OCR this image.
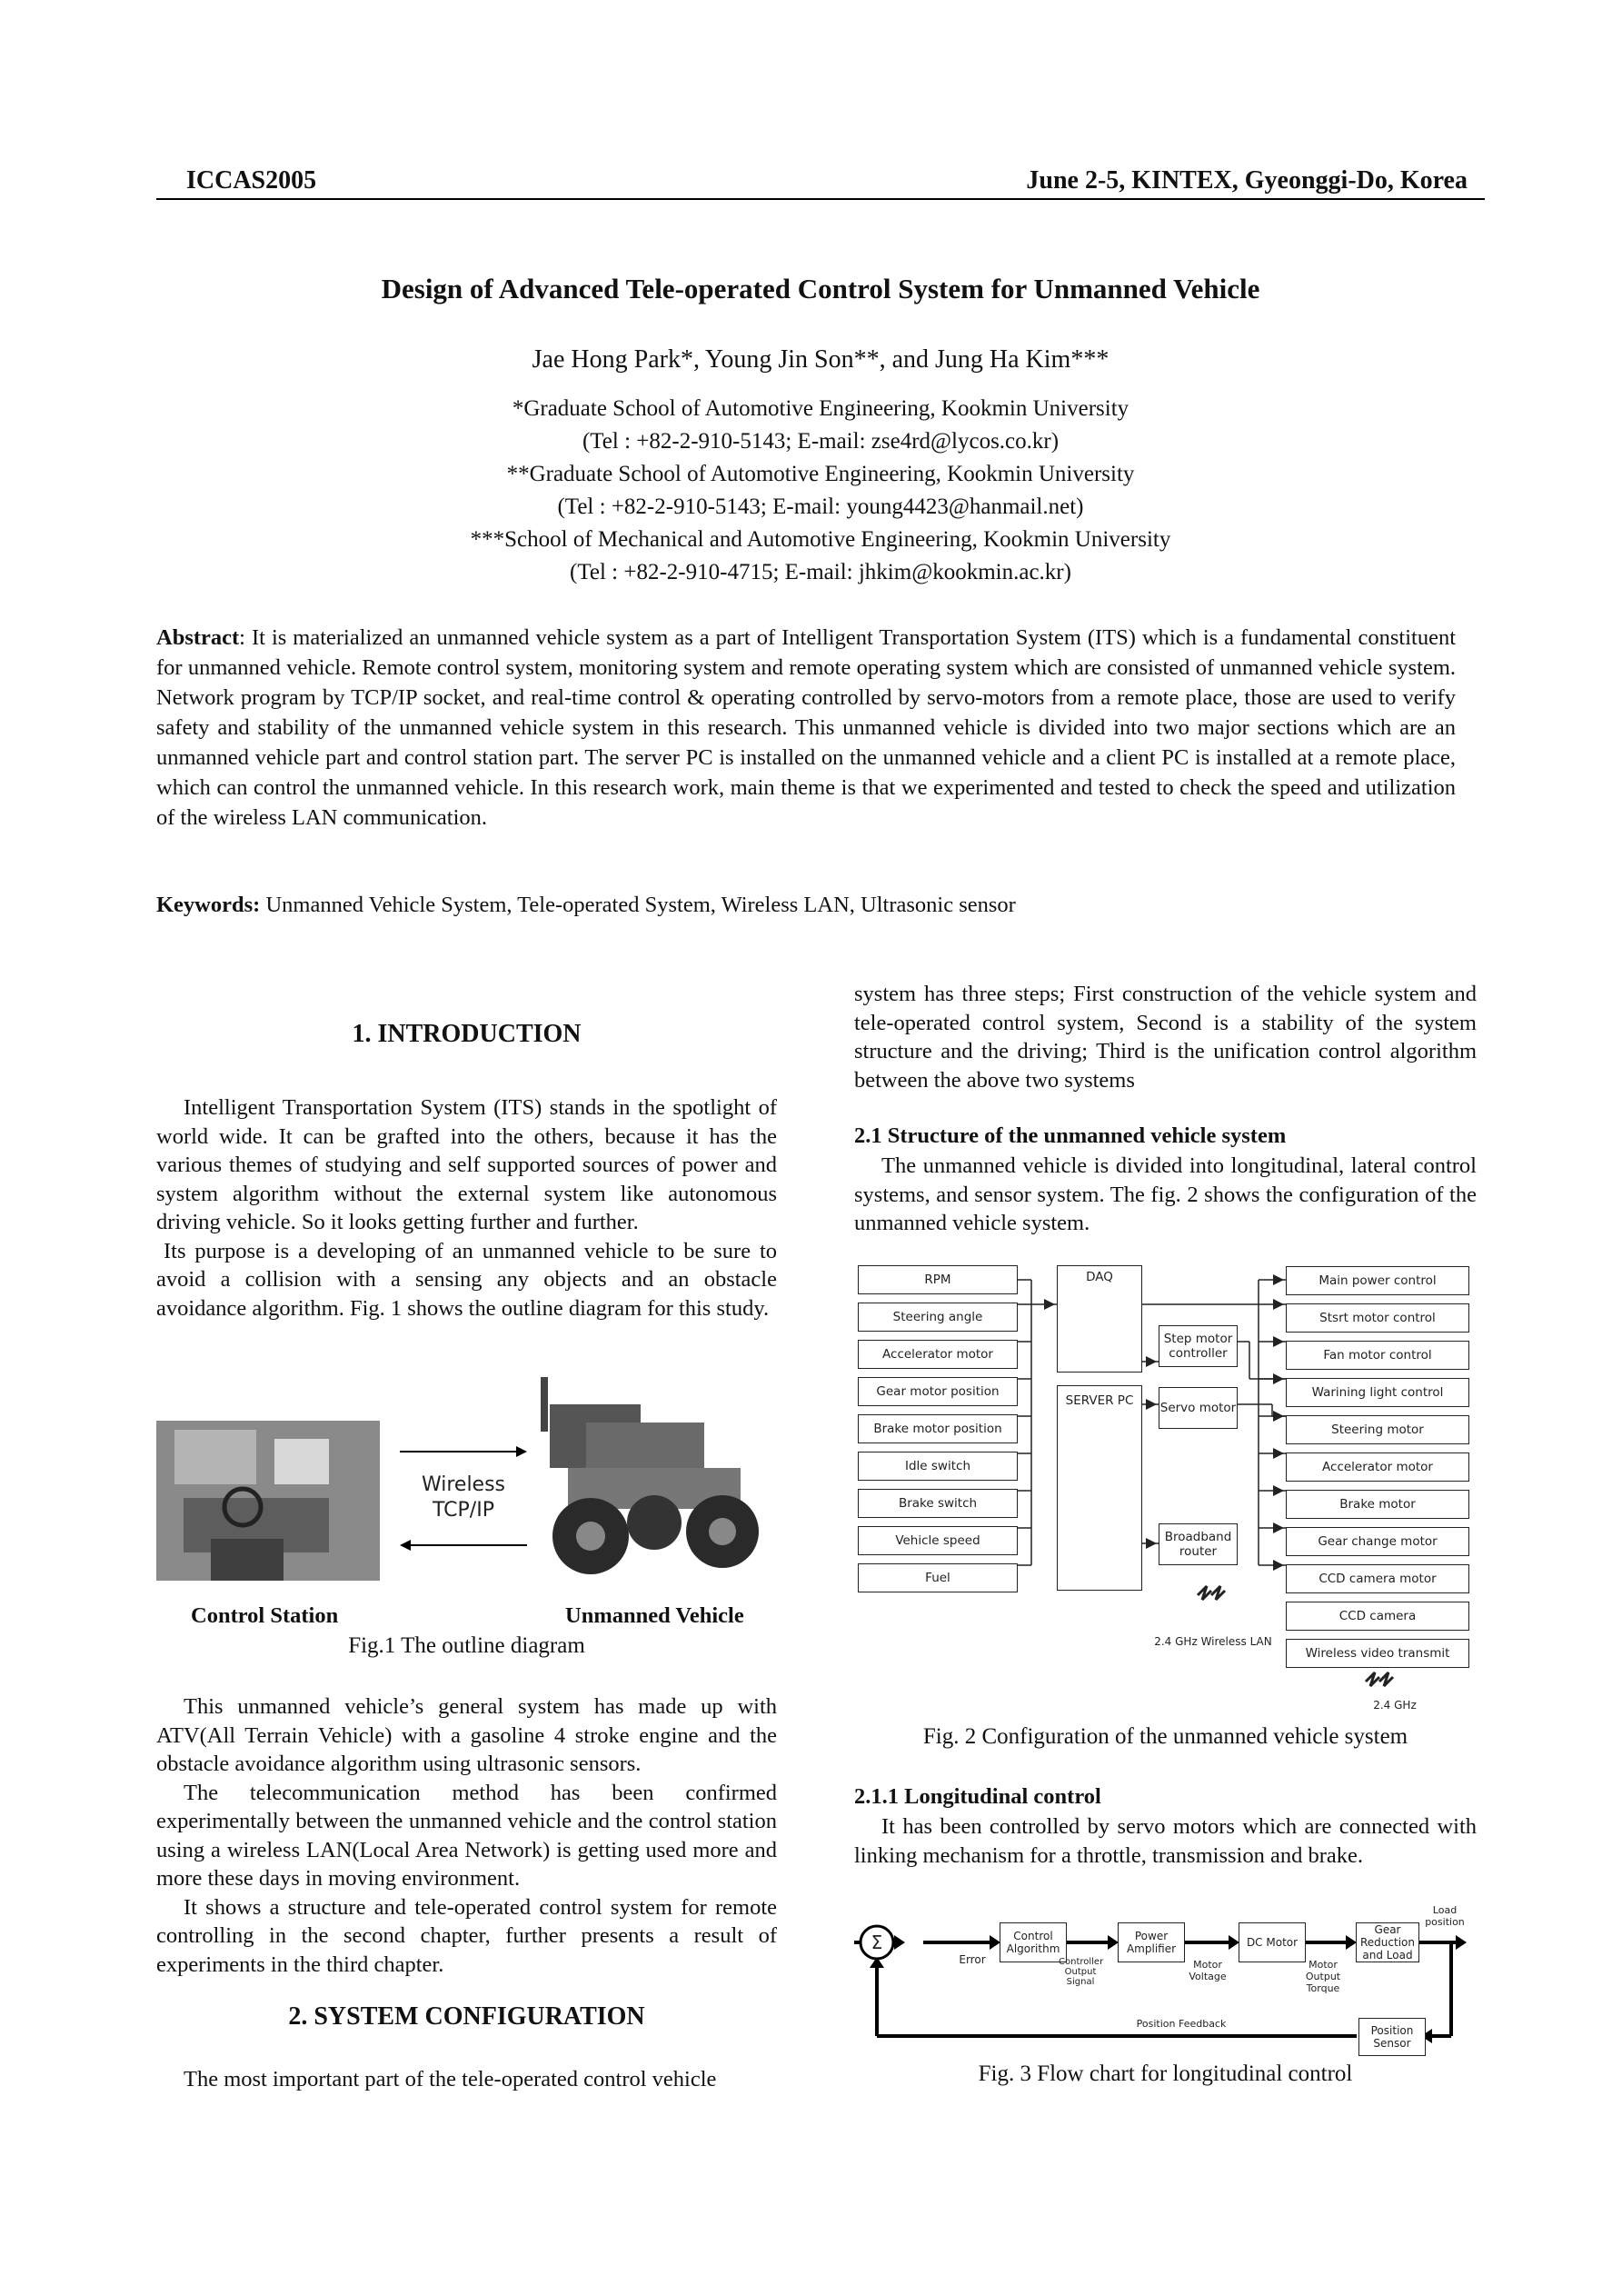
ICCAS2005	June 2-5, KINTEX, Gyeonggi-Do, Korea
Design of Advanced Tele-operated Control System for Unmanned Vehicle
Jae Hong Park*, Young Jin Son**, and Jung Ha Kim***
*Graduate School of Automotive Engineering, Kookmin University
(Tel : +82-2-910-5143; E-mail: zse4rd@lycos.co.kr)
**Graduate School of Automotive Engineering, Kookmin University
(Tel : +82-2-910-5143; E-mail: young4423@hanmail.net)
***School of Mechanical and Automotive Engineering, Kookmin University
(Tel : +82-2-910-4715; E-mail: jhkim@kookmin.ac.kr)
Abstract: It is materialized an unmanned vehicle system as a part of Intelligent Transportation System (ITS) which is a fundamental constituent for unmanned vehicle. Remote control system, monitoring system and remote operating system which are consisted of unmanned vehicle system. Network program by TCP/IP socket, and real-time control & operating controlled by servo-motors from a remote place, those are used to verify safety and stability of the unmanned vehicle system in this research. This unmanned vehicle is divided into two major sections which are an unmanned vehicle part and control station part. The server PC is installed on the unmanned vehicle and a client PC is installed at a remote place, which can control the unmanned vehicle. In this research work, main theme is that we experimented and tested to check the speed and utilization of the wireless LAN communication.
Keywords: Unmanned Vehicle System, Tele-operated System, Wireless LAN, Ultrasonic sensor
1. INTRODUCTION

Intelligent Transportation System (ITS) stands in the spotlight of world wide. It can be grafted into the others, because it has the various themes of studying and self supported sources of power and system algorithm without the external system like autonomous driving vehicle. So it looks getting further and further.

Its purpose is a developing of an unmanned vehicle to be sure to avoid a collision with a sensing any objects and an obstacle avoidance algorithm. Fig. 1 shows the outline diagram for this study.

Wireless
TCP/IP
Control Station	Unmanned Vehicle
Fig.1 The outline diagram

This unmanned vehicle’s general system has made up with ATV(All Terrain Vehicle) with a gasoline 4 stroke engine and the obstacle avoidance algorithm using ultrasonic sensors.

The telecommunication method has been confirmed experimentally between the unmanned vehicle and the control station using a wireless LAN(Local Area Network) is getting used more and more these days in moving environment.

It shows a structure and tele-operated control system for remote controlling in the second chapter, further presents a result of experiments in the third chapter.

2. SYSTEM CONFIGURATION

The most important part of the tele-operated control vehicle

system has three steps; First construction of the vehicle system and tele-operated control system, Second is a stability of the system structure and the driving; Third is the unification control algorithm between the above two systems

2.1 Structure of the unmanned vehicle system

The unmanned vehicle is divided into longitudinal, lateral control systems, and sensor system. The fig. 2 shows the configuration of the unmanned vehicle system.

RPM
Steering angle
Accelerator motor
Gear motor position
Brake motor position
Idle switch
Brake switch
Vehicle speed
Fuel
DAQ
SERVER PC
Step motor controller
Servo motor
Broadband router
2.4 GHz Wireless LAN
Main power control
Stsrt motor control
Fan motor control
Warining light control
Steering motor
Accelerator motor
Brake motor
Gear change motor
CCD camera motor
CCD camera
Wireless video transmit
2.4 GHz
Fig. 2 Configuration of the unmanned vehicle system
2.1.1 Longitudinal control

It has been controlled by servo motors which are connected with linking mechanism for a throttle, transmission and brake.

Σ
Error
Control Algorithm
Controller Output Signal
Power Amplifier
Motor Voltage
DC Motor
Motor Output Torque
Gear Reduction and Load
Load position
Position Feedback
Position Sensor
Fig. 3 Flow chart for longitudinal control
